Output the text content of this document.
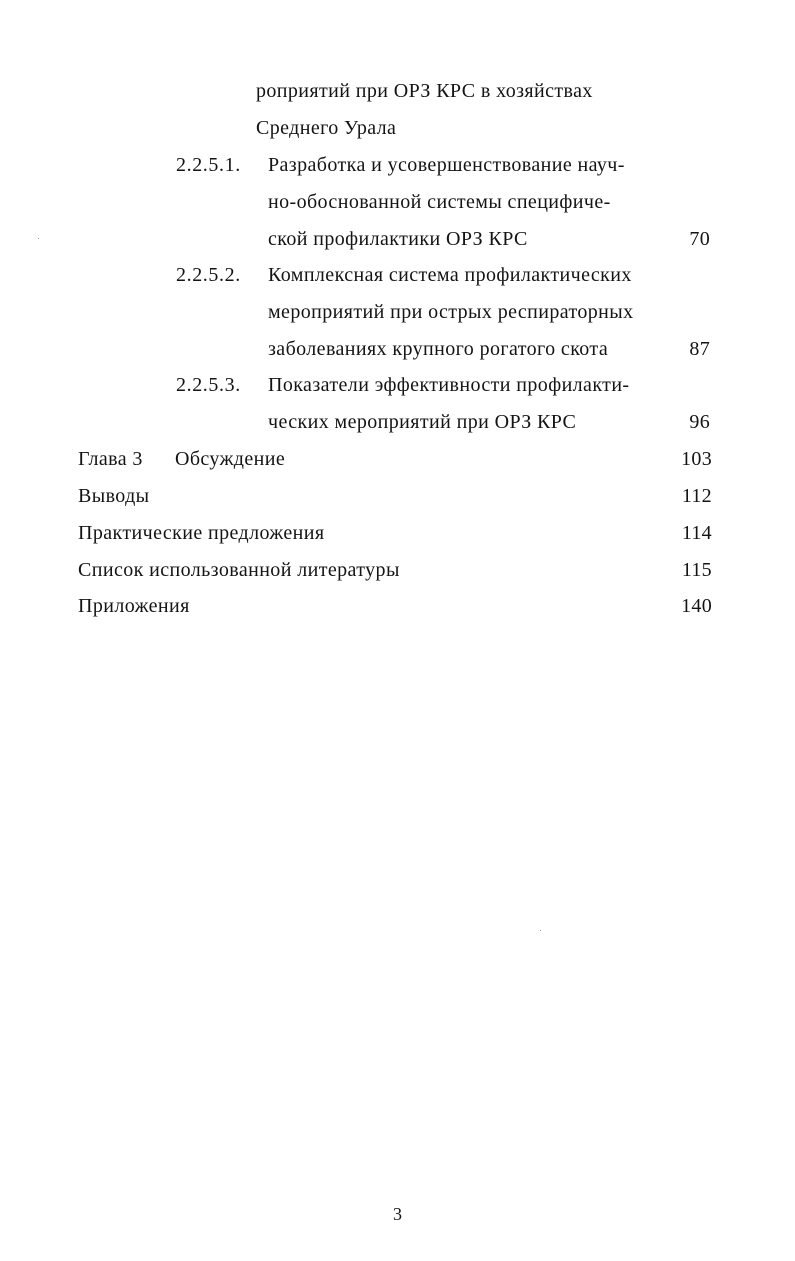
роприятий при ОРЗ КРС в хозяйствах
Среднего Урала
2.2.5.1. Разработка и усовершенствование науч-
но-обоснованной системы специфиче-
ской профилактики ОРЗ КРС	70
2.2.5.2. Комплексная система профилактических
мероприятий при острых респираторных
заболеваниях крупного рогатого скота	87
2.2.5.3. Показатели эффективности профилакти-
ческих мероприятий при ОРЗ КРС	96
Глава 3 Обсуждение	103
Выводы	112
Практические предложения	114
Список использованной литературы	115
Приложения	140
3
